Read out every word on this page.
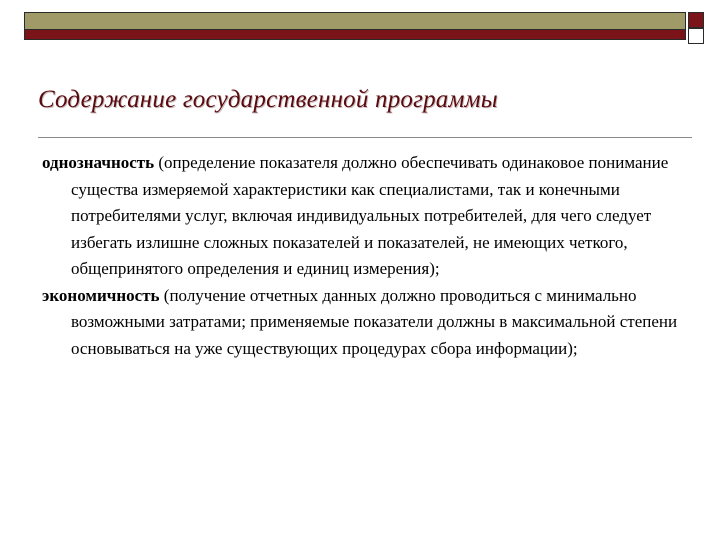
Содержание государственной программы

однозначность (определение показателя должно обеспечивать одинаковое понимание существа измеряемой характеристики как специалистами, так и конечными потребителями услуг, включая индивидуальных потребителей, для чего следует избегать излишне сложных показателей и показателей, не имеющих четкого, общепринятого определения и единиц измерения);

экономичность (получение отчетных данных должно проводиться с минимально возможными затратами; применяемые показатели должны в максимальной степени основываться на уже существующих процедурах сбора информации);
